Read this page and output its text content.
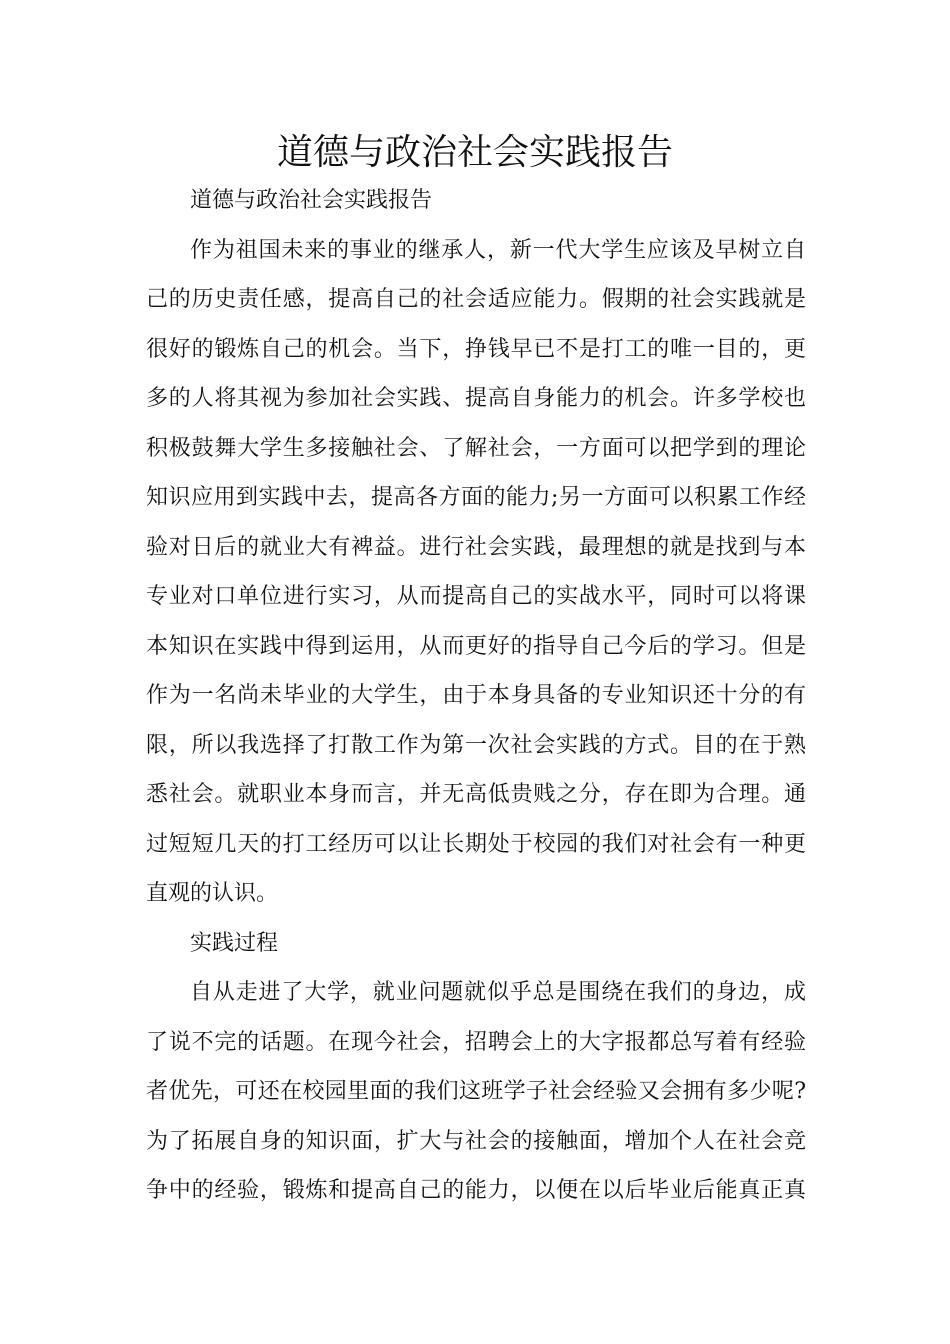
道德与政治社会实践报告

道德与政治社会实践报告

作为祖国未来的事业的继承人，新一代大学生应该及早树立自

己的历史责任感，提高自己的社会适应能力。假期的社会实践就是

很好的锻炼自己的机会。当下，挣钱早已不是打工的唯一目的，更

多的人将其视为参加社会实践、提高自身能力的机会。许多学校也

积极鼓舞大学生多接触社会、了解社会，一方面可以把学到的理论

知识应用到实践中去，提高各方面的能力;另一方面可以积累工作经

验对日后的就业大有裨益。进行社会实践，最理想的就是找到与本

专业对口单位进行实习，从而提高自己的实战水平，同时可以将课

本知识在实践中得到运用，从而更好的指导自己今后的学习。但是

作为一名尚未毕业的大学生，由于本身具备的专业知识还十分的有

限，所以我选择了打散工作为第一次社会实践的方式。目的在于熟

悉社会。就职业本身而言，并无高低贵贱之分，存在即为合理。通

过短短几天的打工经历可以让长期处于校园的我们对社会有一种更

直观的认识。

实践过程

自从走进了大学，就业问题就似乎总是围绕在我们的身边，成

了说不完的话题。在现今社会，招聘会上的大字报都总写着有经验

者优先，可还在校园里面的我们这班学子社会经验又会拥有多少呢?

为了拓展自身的知识面，扩大与社会的接触面，增加个人在社会竞

争中的经验，锻炼和提高自己的能力，以便在以后毕业后能真正真
